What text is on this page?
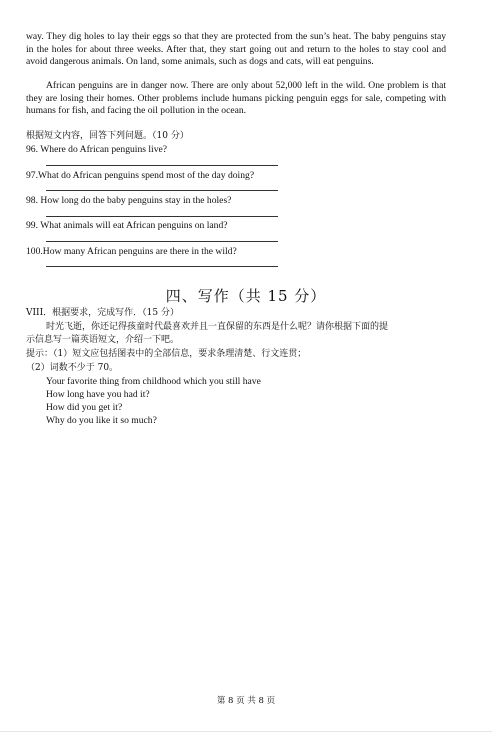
way. They dig holes to lay their eggs so that they are protected from the sun’s heat. The baby penguins stay in the holes for about three weeks. After that, they start going out and return to the holes to stay cool and avoid dangerous animals. On land, some animals, such as dogs and cats, will eat penguins.

African penguins are in danger now. There are only about 52,000 left in the wild. One problem is that they are losing their homes. Other problems include humans picking penguin eggs for sale, competing with humans for fish, and facing the oil pollution in the ocean.

根据短文内容，回答下列问题。（10 分）
96. Where do African penguins live?
97.What do African penguins spend most of the day doing?
98. How long do the baby penguins stay in the holes?
99. What animals will eat African penguins on land?
100.How many African penguins are there in the wild?
四、写作（共 15 分）
VIII．根据要求，完成写作．（15 分）
时光飞逝，你还记得孩童时代最喜欢并且一直保留的东西是什么呢？请你根据下面的提
示信息写一篇英语短文，介绍一下吧。
提示：（1）短文应包括图表中的全部信息，要求条理清楚、行文连贯；
（2）词数不少于 70。
Your favorite thing from childhood which you still have
How long have you had it?
How did you get it?
Why do you like it so much?
第 8 页 共 8 页
